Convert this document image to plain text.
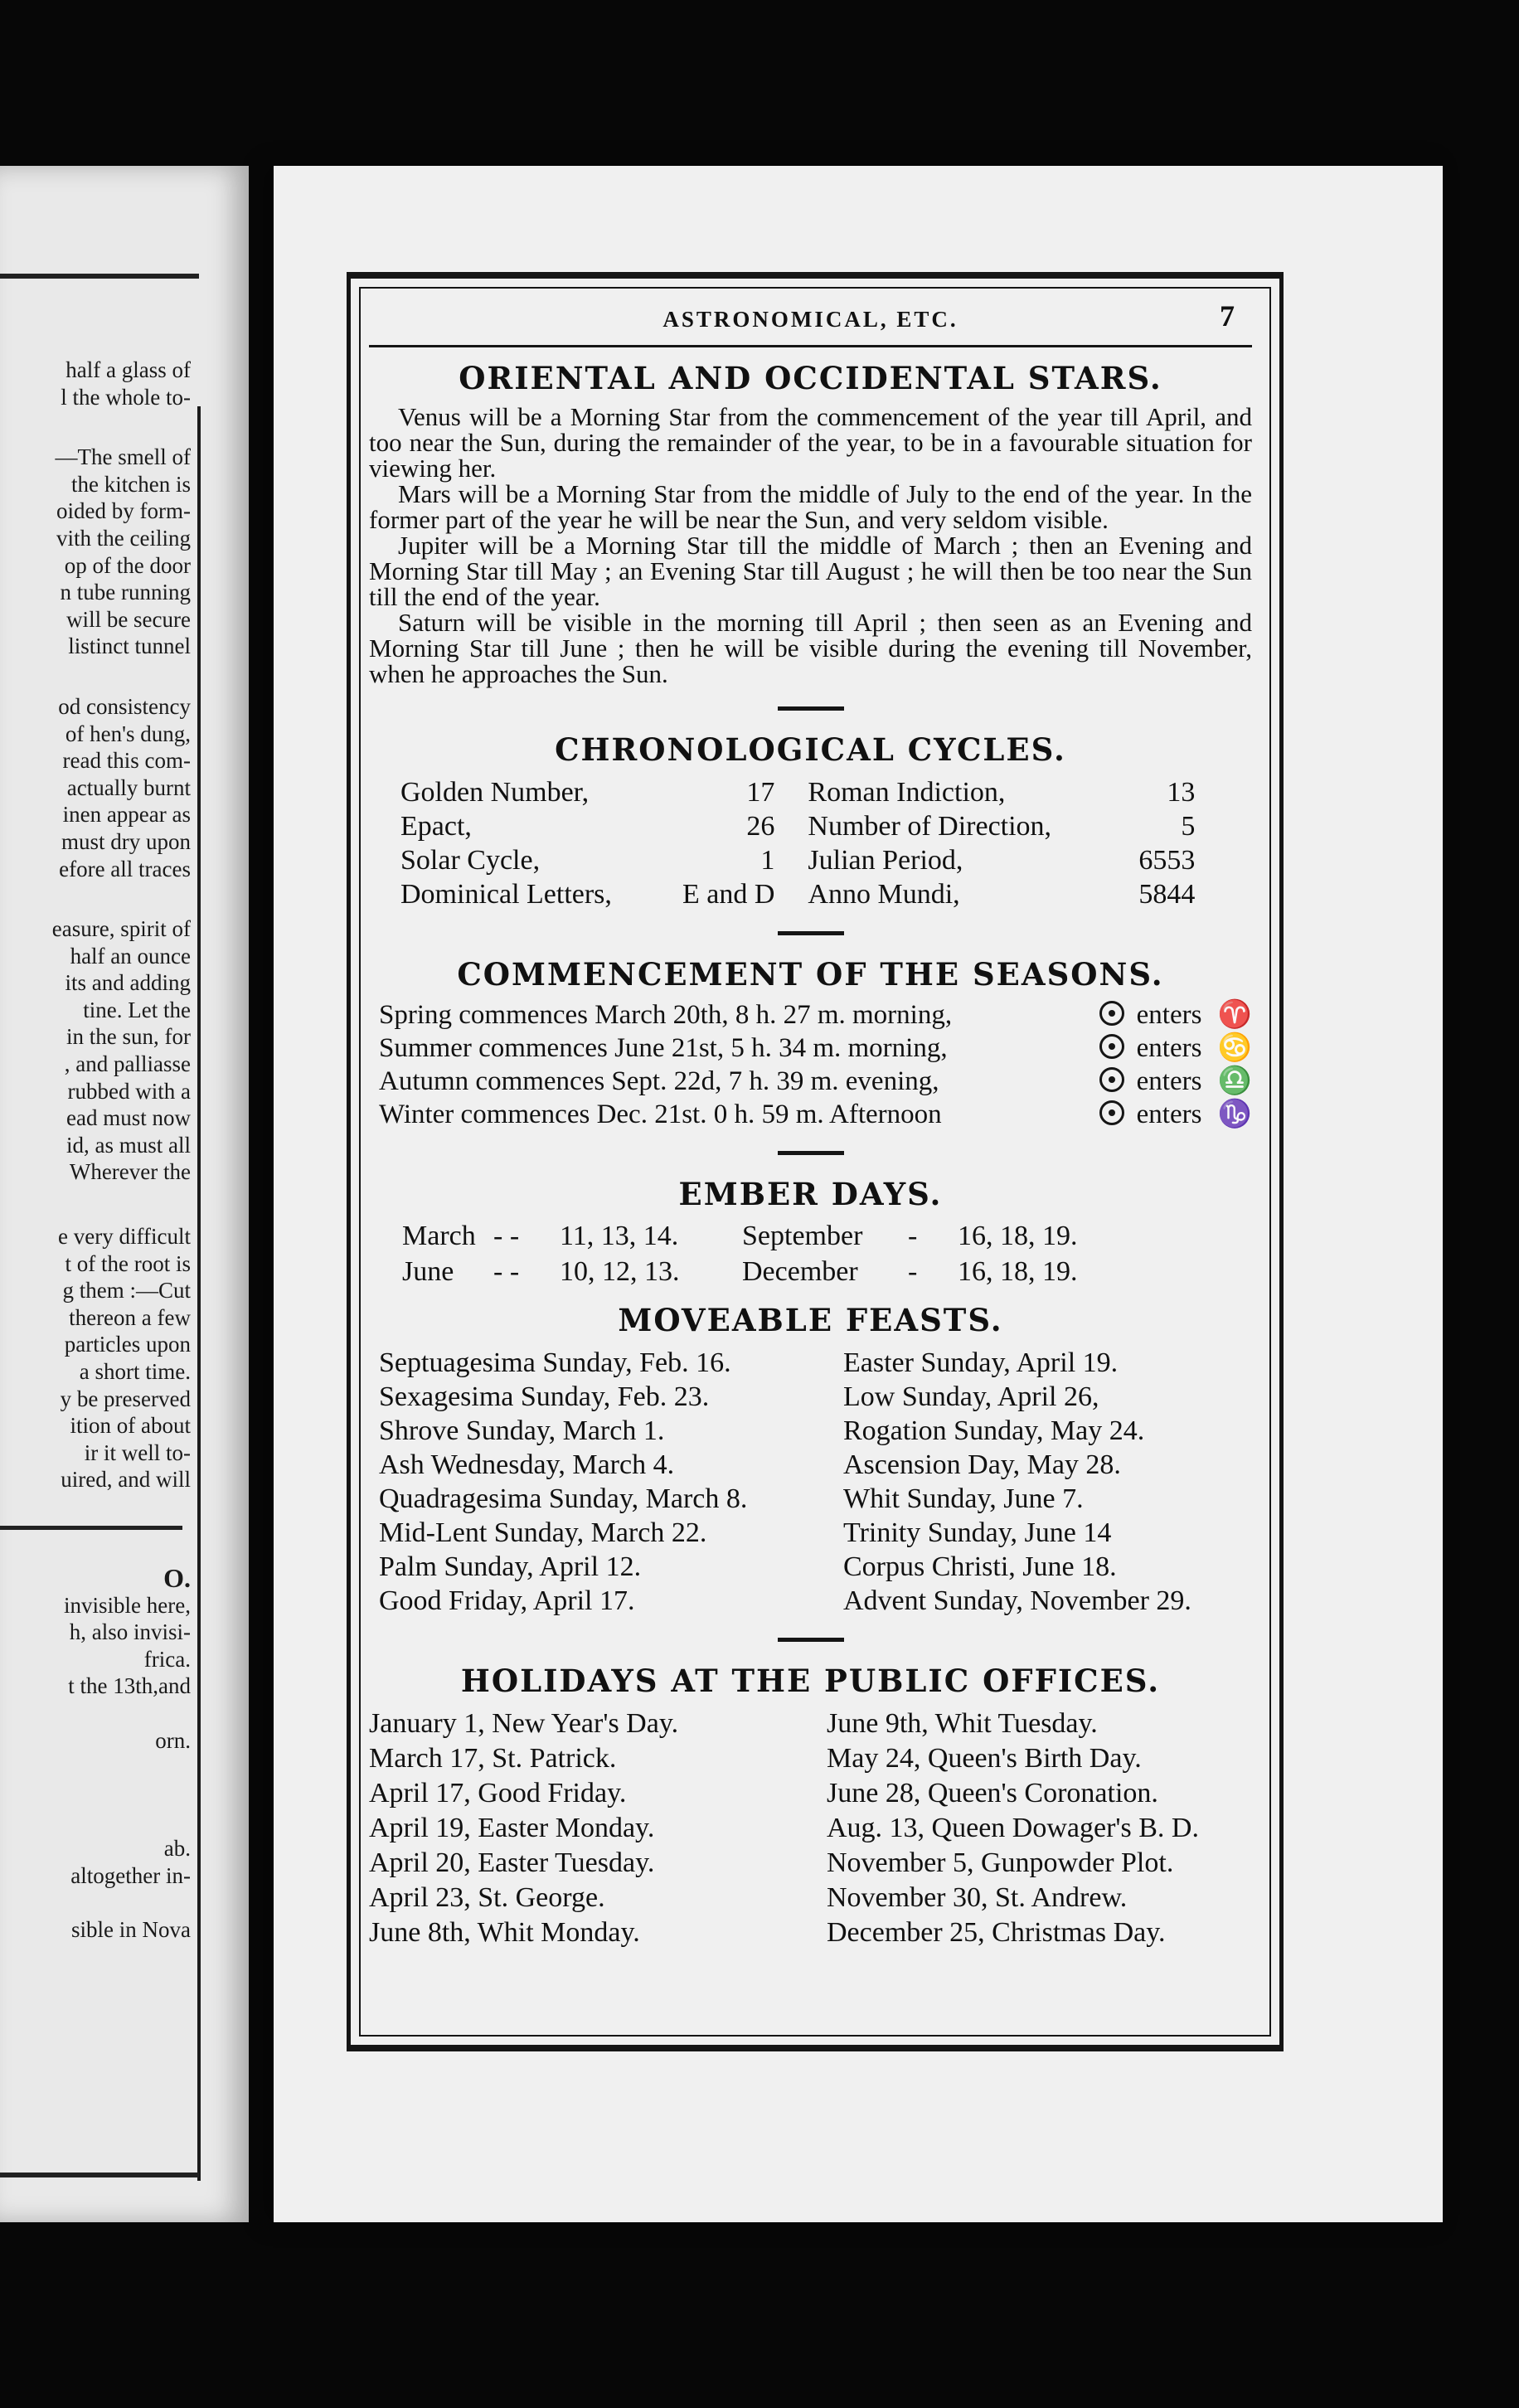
half a glass of
l the whole to-
—The smell of
the kitchen is
oided by form-
vith the ceiling
op of the door
n tube running
will be secure
listinct tunnel
od consistency
of hen's dung,
read this com-
actually burnt
inen appear as
must dry upon
efore all traces
easure, spirit of
half an ounce
its and adding
tine. Let the
in the sun, for
, and palliasse
rubbed with a
ead must now
id, as must all
Wherever the
e very difficult
t of the root is
g them :—Cut
thereon a few
particles upon
a short time.
y be preserved
ition of about
ir it well to-
uired, and will
O.
invisible here,
h, also invisi-
frica.
t the 13th,and

orn.

ab.
altogether in-

sible in Nova
ASTRONOMICAL, ETC.	7
ORIENTAL AND OCCIDENTAL STARS.

Venus will be a Morning Star from the commencement of the year till April, and too near the Sun, during the remainder of the year, to be in a favourable situation for viewing her.

Mars will be a Morning Star from the middle of July to the end of the year. In the former part of the year he will be near the Sun, and very seldom visible.

Jupiter will be a Morning Star till the middle of March ; then an Evening and Morning Star till May ; an Evening Star till August ; he will then be too near the Sun till the end of the year.

Saturn will be visible in the morning till April ; then seen as an Evening and Morning Star till June ; then he will be visible during the evening till November, when he approaches the Sun.

CHRONOLOGICAL CYCLES.
Golden Number,	17	Roman Indiction,	13
Epact,	26	Number of Direction,	5
Solar Cycle,	1	Julian Period,	6553
Dominical Letters,	E and D	Anno Mundi,	5844
COMMENCEMENT OF THE SEASONS.
Spring commences March 20th, 8 h. 27 m. morning,		enters	♈
Summer commences June 21st, 5 h. 34 m. morning,		enters	♋
Autumn commences Sept. 22d, 7 h. 39 m. evening,		enters	♎
Winter commences Dec. 21st. 0 h. 59 m. Afternoon		enters	♑
EMBER DAYS.
March	- -	11, 13, 14.	September	-	16, 18, 19.
June	- -	10, 12, 13.	December	-	16, 18, 19.
MOVEABLE FEASTS.
Septuagesima Sunday, Feb. 16.	Easter Sunday, April 19.
Sexagesima Sunday, Feb. 23.	Low Sunday, April 26,
Shrove Sunday, March 1.	Rogation Sunday, May 24.
Ash Wednesday, March 4.	Ascension Day, May 28.
Quadragesima Sunday, March 8.	Whit Sunday, June 7.
Mid-Lent Sunday, March 22.	Trinity Sunday, June 14
Palm Sunday, April 12.	Corpus Christi, June 18.
Good Friday, April 17.	Advent Sunday, November 29.
HOLIDAYS AT THE PUBLIC OFFICES.
January 1, New Year's Day.	June 9th, Whit Tuesday.
March 17, St. Patrick.	May 24, Queen's Birth Day.
April 17, Good Friday.	June 28, Queen's Coronation.
April 19, Easter Monday.	Aug. 13, Queen Dowager's B. D.
April 20, Easter Tuesday.	November 5, Gunpowder Plot.
April 23, St. George.	November 30, St. Andrew.
June 8th, Whit Monday.	December 25, Christmas Day.
